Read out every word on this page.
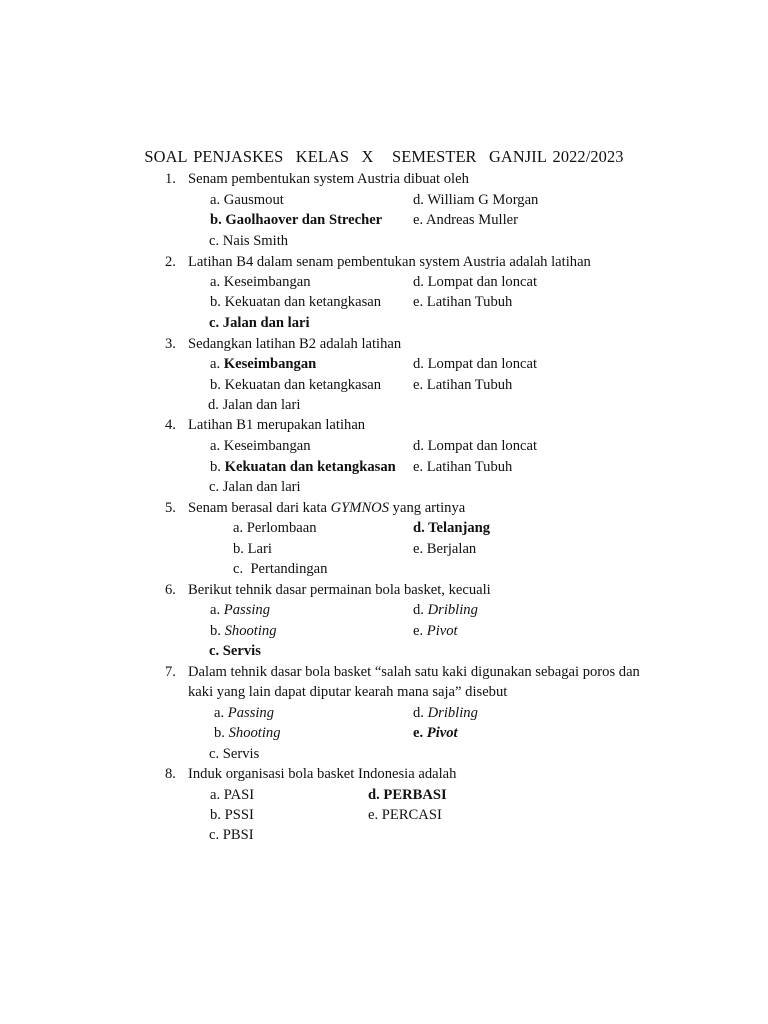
SOAL PENJASKES  KELAS  X   SEMESTER  GANJIL 2022/2023
1. Senam pembentukan system Austria dibuat oleh
a. Gausmout	d. William G Morgan
b. Gaolhaover dan Strecher e. Andreas Muller
c. Nais Smith
2. Latihan B4 dalam senam pembentukan system Austria adalah latihan
a. Keseimbangan	d. Lompat dan loncat
b. Kekuatan dan ketangkasan e. Latihan Tubuh
c. Jalan dan lari
3. Sedangkan latihan B2 adalah latihan
a. Keseimbangan	d. Lompat dan loncat
b. Kekuatan dan ketangkasan e. Latihan Tubuh
d. Jalan dan lari
4. Latihan B1 merupakan latihan
a. Keseimbangan	d. Lompat dan loncat
b. Kekuatan dan ketangkasan e. Latihan Tubuh
c. Jalan dan lari
5. Senam berasal dari kata GYMNOS yang artinya
a. Perlombaan	d. Telanjang
b. Lari	e. Berjalan
c. Pertandingan
6. Berikut tehnik dasar permainan bola basket, kecuali
a. Passing	d. Dribling
b. Shooting	e. Pivot
c. Servis
7. Dalam tehnik dasar bola basket “salah satu kaki digunakan sebagai poros dan
kaki yang lain dapat diputar kearah mana saja” disebut
a. Passing	d. Dribling
b. Shooting	e. Pivot
c. Servis
8. Induk organisasi bola basket Indonesia adalah
a. PASI	d. PERBASI
b. PSSI	e. PERCASI
c. PBSI
